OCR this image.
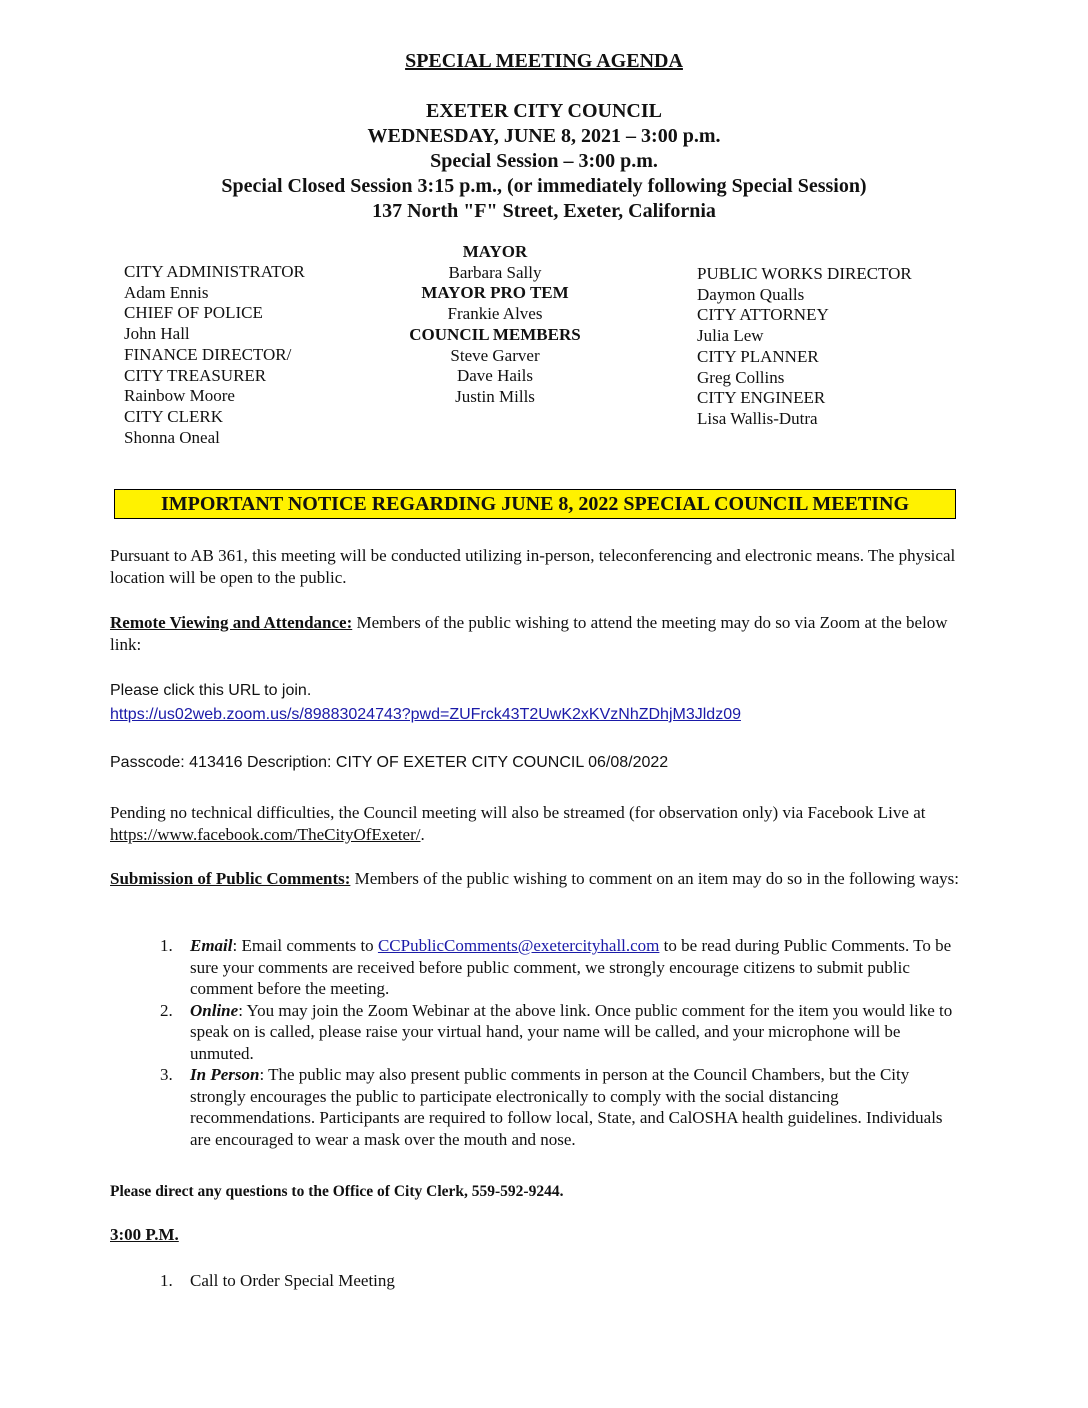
SPECIAL MEETING AGENDA
EXETER CITY COUNCIL
WEDNESDAY, JUNE 8, 2021 – 3:00 p.m.
Special Session – 3:00 p.m.
Special Closed Session 3:15 p.m., (or immediately following Special Session)
137 North "F" Street, Exeter, California
CITY ADMINISTRATOR
Adam Ennis
CHIEF OF POLICE
John Hall
FINANCE DIRECTOR/
CITY TREASURER
Rainbow Moore
CITY CLERK
Shonna Oneal
MAYOR
Barbara Sally
MAYOR PRO TEM
Frankie Alves
COUNCIL MEMBERS
Steve Garver
Dave Hails
Justin Mills
PUBLIC WORKS DIRECTOR
Daymon Qualls
CITY ATTORNEY
Julia Lew
CITY PLANNER
Greg Collins
CITY ENGINEER
Lisa Wallis-Dutra
IMPORTANT NOTICE REGARDING JUNE 8, 2022 SPECIAL COUNCIL MEETING
Pursuant to AB 361, this meeting will be conducted utilizing in-person, teleconferencing and electronic means. The physical location will be open to the public.
Remote Viewing and Attendance: Members of the public wishing to attend the meeting may do so via Zoom at the below link:
Please click this URL to join.
https://us02web.zoom.us/s/89883024743?pwd=ZUFrck43T2UwK2xKVzNhZDhjM3Jldz09
Passcode: 413416 Description: CITY OF EXETER CITY COUNCIL 06/08/2022
Pending no technical difficulties, the Council meeting will also be streamed (for observation only) via Facebook Live at https://www.facebook.com/TheCityOfExeter/.
Submission of Public Comments: Members of the public wishing to comment on an item may do so in the following ways:
1.	Email: Email comments to CCPublicComments@exetercityhall.com to be read during Public Comments. To be sure your comments are received before public comment, we strongly encourage citizens to submit public comment before the meeting.
2.	Online: You may join the Zoom Webinar at the above link. Once public comment for the item you would like to speak on is called, please raise your virtual hand, your name will be called, and your microphone will be unmuted.
3.	In Person: The public may also present public comments in person at the Council Chambers, but the City strongly encourages the public to participate electronically to comply with the social distancing recommendations. Participants are required to follow local, State, and CalOSHA health guidelines. Individuals are encouraged to wear a mask over the mouth and nose.
Please direct any questions to the Office of City Clerk, 559-592-9244.
3:00 P.M.
1.	Call to Order Special Meeting
